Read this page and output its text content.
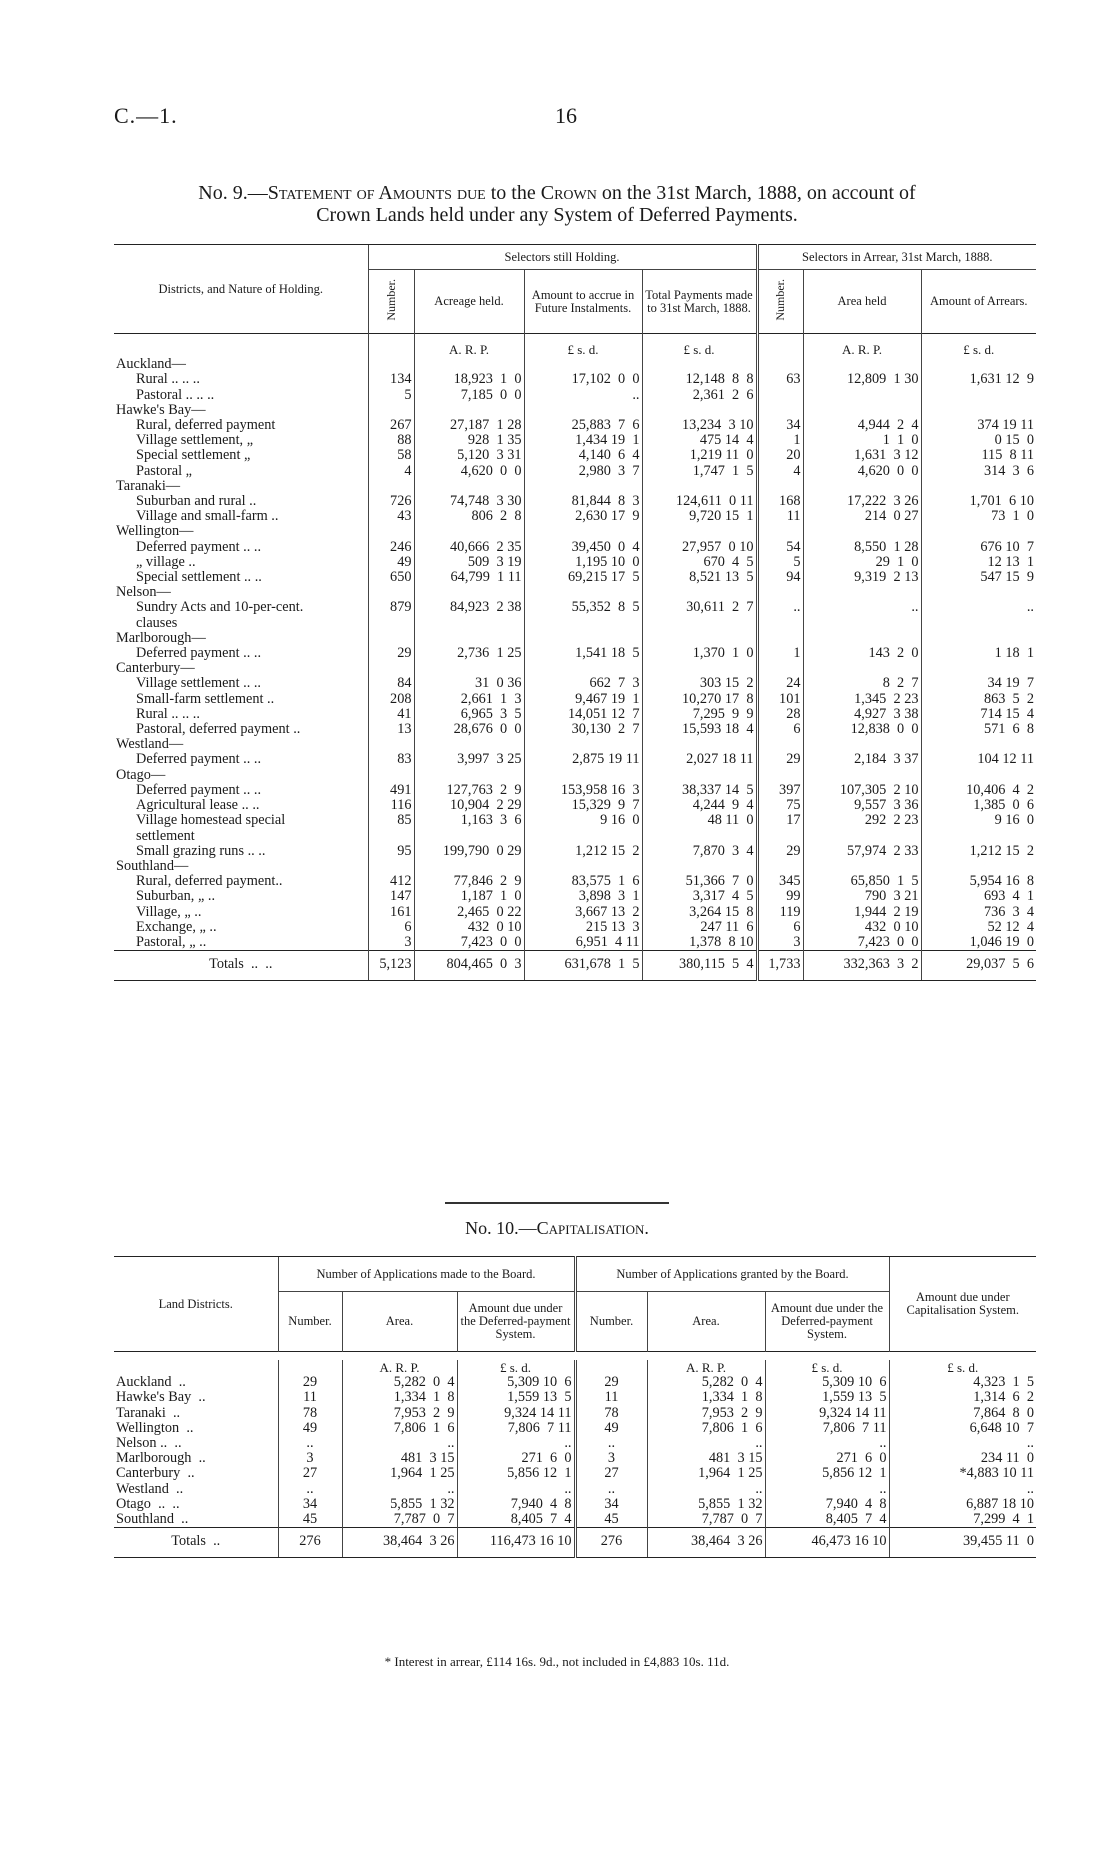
C.—1.	16
No. 9.—Statement of Amounts due to the Crown on the 31st March, 1888, on account of
Crown Lands held under any System of Deferred Payments.
Districts, and Nature of Holding.	Selectors still Holding.				Selectors in Arrear, 31st March, 1888.		
	Number.	Acreage held.	Amount to accrue in Future Instalments.	Total Payments made to 31st March, 1888.	Number.	Area held	Amount of Arrears.

		A. R. P.	£ s. d.	£ s. d.		A. R. P.	£ s. d.
Auckland—							
Rural .. .. ..	134	18,923  1  0	17,102  0  0	12,148  8  8	63	12,809  1 30	1,631 12  9
Pastoral .. .. ..	5	7,185  0  0	..	2,361  2  6			
Hawke's Bay—							
Rural, deferred payment	267	27,187  1 28	25,883  7  6	13,234  3 10	34	4,944  2  4	374 19 11
Village settlement, „	88	928  1 35	1,434 19  1	475 14  4	1	1  1  0	0 15  0
Special settlement „	58	5,120  3 31	4,140  6  4	1,219 11  0	20	1,631  3 12	115  8 11
Pastoral „	4	4,620  0  0	2,980  3  7	1,747  1  5	4	4,620  0  0	314  3  6
Taranaki—							
Suburban and rural ..	726	74,748  3 30	81,844  8  3	124,611  0 11	168	17,222  3 26	1,701  6 10
Village and small-farm ..	43	806  2  8	2,630 17  9	9,720 15  1	11	214  0 27	73  1  0
Wellington—							
Deferred payment .. ..	246	40,666  2 35	39,450  0  4	27,957  0 10	54	8,550  1 28	676 10  7
„ village ..	49	509  3 19	1,195 10  0	670  4  5	5	29  1  0	12 13  1
Special settlement .. ..	650	64,799  1 11	69,215 17  5	8,521 13  5	94	9,319  2 13	547 15  9
Nelson—							
Sundry Acts and 10-per-cent.
clauses	879	84,923  2 38	55,352  8  5	30,611  2  7	..	..	..
Marlborough—							
Deferred payment .. ..	29	2,736  1 25	1,541 18  5	1,370  1  0	1	143  2  0	1 18  1
Canterbury—							
Village settlement .. ..	84	31  0 36	662  7  3	303 15  2	24	8  2  7	34 19  7
Small-farm settlement ..	208	2,661  1  3	9,467 19  1	10,270 17  8	101	1,345  2 23	863  5  2
Rural .. .. ..	41	6,965  3  5	14,051 12  7	7,295  9  9	28	4,927  3 38	714 15  4
Pastoral, deferred payment ..	13	28,676  0  0	30,130  2  7	15,593 18  4	6	12,838  0  0	571  6  8
Westland—							
Deferred payment .. ..	83	3,997  3 25	2,875 19 11	2,027 18 11	29	2,184  3 37	104 12 11
Otago—							
Deferred payment .. ..	491	127,763  2  9	153,958 16  3	38,337 14  5	397	107,305  2 10	10,406  4  2
Agricultural lease .. ..	116	10,904  2 29	15,329  9  7	4,244  9  4	75	9,557  3 36	1,385  0  6
Village homestead special
settlement	85	1,163  3  6	9 16  0	48 11  0	17	292  2 23	9 16  0
Small grazing runs .. ..	95	199,790  0 29	1,212 15  2	7,870  3  4	29	57,974  2 33	1,212 15  2
Southland—							
Rural, deferred payment..	412	77,846  2  9	83,575  1  6	51,366  7  0	345	65,850  1  5	5,954 16  8
Suburban, „ ..	147	1,187  1  0	3,898  3  1	3,317  4  5	99	790  3 21	693  4  1
Village, „ ..	161	2,465  0 22	3,667 13  2	3,264 15  8	119	1,944  2 19	736  3  4
Exchange, „ ..	6	432  0 10	215 13  3	247 11  6	6	432  0 10	52 12  4
Pastoral, „ ..	3	7,423  0  0	6,951  4 11	1,378  8 10	3	7,423  0  0	1,046 19  0
Totals  ..  ..	5,123	804,465  0  3	631,678  1  5	380,115  5  4	1,733	332,363  3  2	29,037  5  6
No. 10.—Capitalisation.
Land Districts.	Number of Applications made to the Board.			Number of Applications granted by the Board.			Amount due under Capitalisation System.
	Number.	Area.	Amount due under the Deferred-payment System.	Number.	Area.	Amount due under the Deferred-payment System.	

		A. R. P.	£ s. d.		A. R. P.	£ s. d.	£ s. d.
Auckland  ..	29	5,282  0  4	5,309 10  6	29	5,282  0  4	5,309 10  6	4,323  1  5
Hawke's Bay  ..	11	1,334  1  8	1,559 13  5	11	1,334  1  8	1,559 13  5	1,314  6  2
Taranaki  ..	78	7,953  2  9	9,324 14 11	78	7,953  2  9	9,324 14 11	7,864  8  0
Wellington  ..	49	7,806  1  6	7,806  7 11	49	7,806  1  6	7,806  7 11	6,648 10  7
Nelson ..  ..	..	..	..	..	..	..	..
Marlborough  ..	3	481  3 15	271  6  0	3	481  3 15	271  6  0	234 11  0
Canterbury  ..	27	1,964  1 25	5,856 12  1	27	1,964  1 25	5,856 12  1	*4,883 10 11
Westland  ..	..	..	..	..	..	..	..
Otago  ..  ..	34	5,855  1 32	7,940  4  8	34	5,855  1 32	7,940  4  8	6,887 18 10
Southland  ..	45	7,787  0  7	8,405  7  4	45	7,787  0  7	8,405  7  4	7,299  4  1
Totals  ..	276	38,464  3 26	116,473 16 10	276	38,464  3 26	46,473 16 10	39,455 11  0
* Interest in arrear, £114 16s. 9d., not included in £4,883 10s. 11d.
